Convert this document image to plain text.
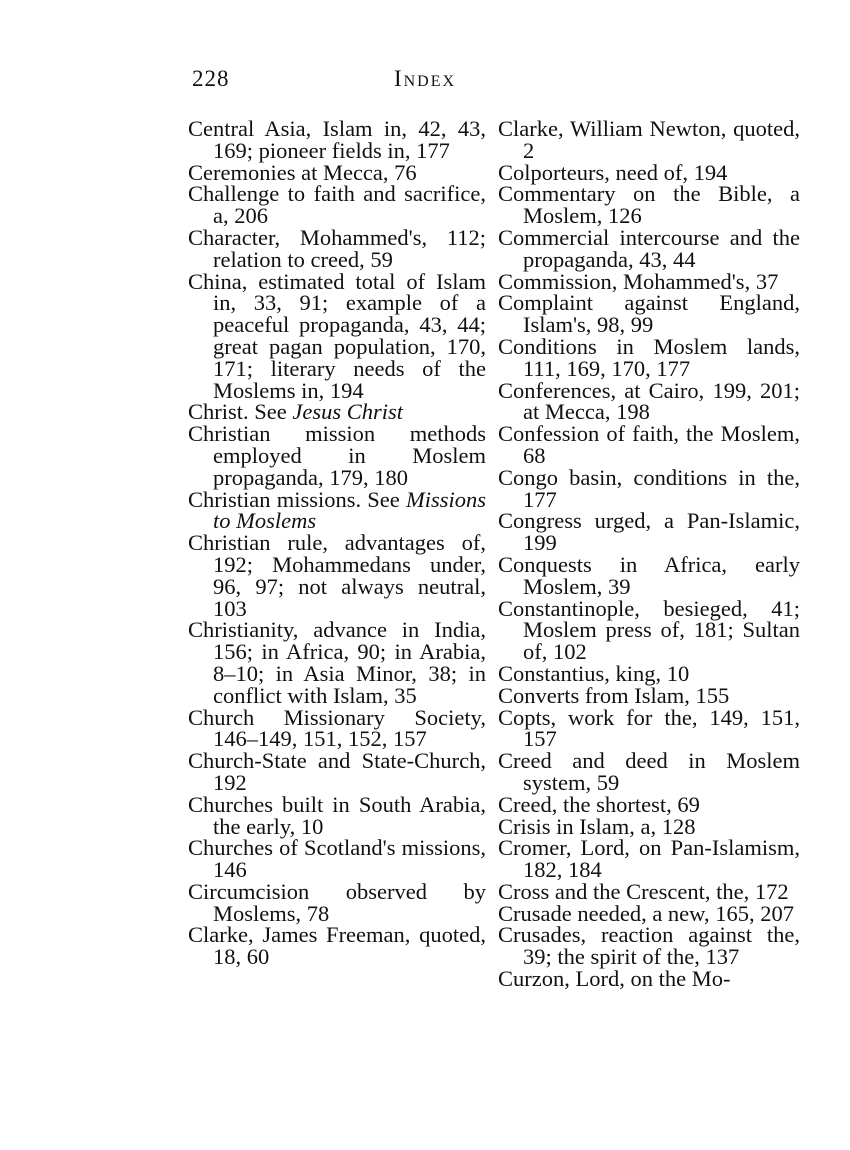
228	Index

Central Asia, Islam in, 42, 43, 169; pioneer fields in, 177

Ceremonies at Mecca, 76

Challenge to faith and sacrifice, a, 206

Character, Mohammed's, 112; relation to creed, 59

China, estimated total of Islam in, 33, 91; example of a peaceful propaganda, 43, 44; great pagan population, 170, 171; literary needs of the Moslems in, 194

Christ. See Jesus Christ

Christian mission methods employed in Moslem propaganda, 179, 180

Christian missions. See Missions to Moslems

Christian rule, advantages of, 192; Mohammedans under, 96, 97; not always neutral, 103

Christianity, advance in India, 156; in Africa, 90; in Arabia, 8–10; in Asia Minor, 38; in conflict with Islam, 35

Church Missionary Society, 146–149, 151, 152, 157

Church-State and State-Church, 192

Churches built in South Arabia, the early, 10

Churches of Scotland's missions, 146

Circumcision observed by Moslems, 78

Clarke, James Freeman, quoted, 18, 60

Clarke, William Newton, quoted, 2

Colporteurs, need of, 194

Commentary on the Bible, a Moslem, 126

Commercial intercourse and the propaganda, 43, 44

Commission, Mohammed's, 37

Complaint against England, Islam's, 98, 99

Conditions in Moslem lands, 111, 169, 170, 177

Conferences, at Cairo, 199, 201; at Mecca, 198

Confession of faith, the Moslem, 68

Congo basin, conditions in the, 177

Congress urged, a Pan-Islamic, 199

Conquests in Africa, early Moslem, 39

Constantinople, besieged, 41; Moslem press of, 181; Sultan of, 102

Constantius, king, 10

Converts from Islam, 155

Copts, work for the, 149, 151, 157

Creed and deed in Moslem system, 59

Creed, the shortest, 69

Crisis in Islam, a, 128

Cromer, Lord, on Pan-Islamism, 182, 184

Cross and the Crescent, the, 172

Crusade needed, a new, 165, 207

Crusades, reaction against the, 39; the spirit of the, 137

Curzon, Lord, on the Mo-
